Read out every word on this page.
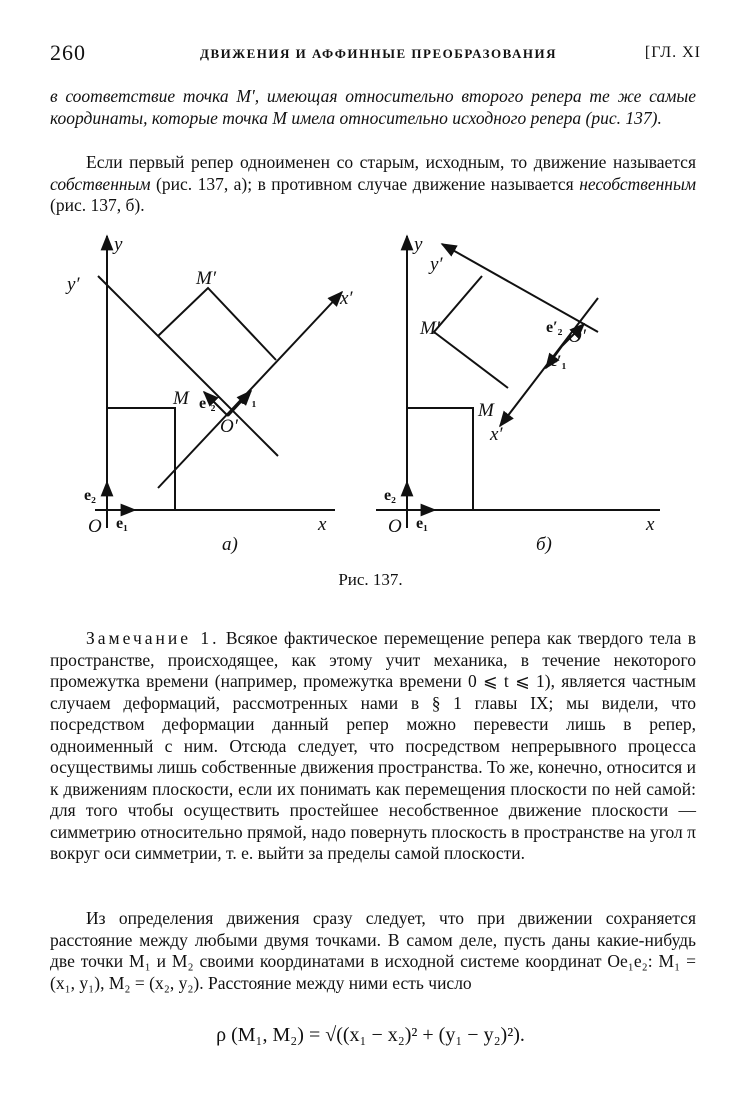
260	ДВИЖЕНИЯ И АФФИННЫЕ ПРЕОБРАЗОВАНИЯ	[ГЛ. XI
в соответствие точка M′, имеющая относительно второго репера те же самые координаты, которые точка M имела относительно исходного репера (рис. 137).
Если первый репер одноименен со старым, исходным, то движение называется собственным (рис. 137, а); в противном случае движение называется несобственным (рис. 137, б).
y
y′	M′
x′
M e′₂ e′₁
O′
e₂
O e₁	x
а)
y
y′
M′	e′₂ O′
e′₁
M
x′
e₂
O e₁	x
б)
Рис. 137.
Замечание 1. Всякое фактическое перемещение репера как твердого тела в пространстве, происходящее, как этому учит механика, в течение некоторого промежутка времени (например, промежутка времени 0 ⩽ t ⩽ 1), является частным случаем деформаций, рассмотренных нами в § 1 главы IX; мы видели, что посредством деформации данный репер можно перевести лишь в репер, одноименный с ним. Отсюда следует, что посредством непрерывного процесса осуществимы лишь собственные движения пространства. То же, конечно, относится и к движениям плоскости, если их понимать как перемещения плоскости по ней самой: для того чтобы осуществить простейшее несобственное движение плоскости — симметрию относительно прямой, надо повернуть плоскость в пространстве на угол π вокруг оси симметрии, т. е. выйти за пределы самой плоскости.
Из определения движения сразу следует, что при движении сохраняется расстояние между любыми двумя точками. В самом деле, пусть даны какие-нибудь две точки M₁ и M₂ своими координатами в исходной системе координат Oe₁e₂: M₁ = (x₁, y₁), M₂ = (x₂, y₂). Расстояние между ними есть число
ρ (M₁, M₂) = √((x₁ − x₂)² + (y₁ − y₂)²).
